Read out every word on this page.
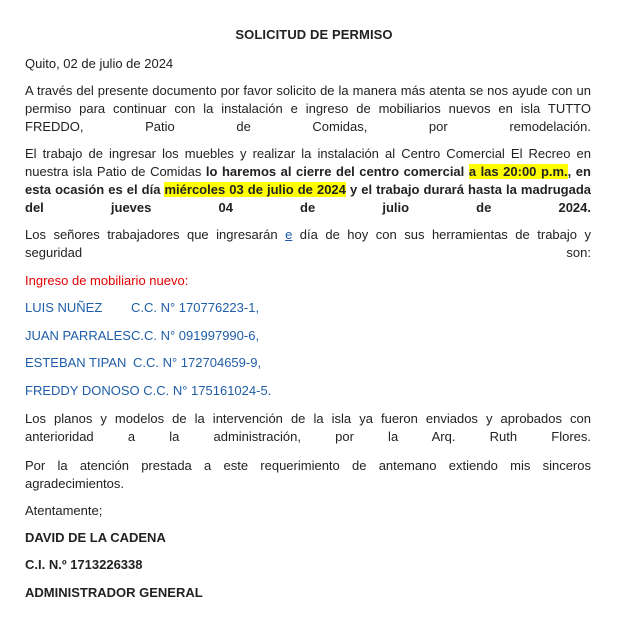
SOLICITUD DE PERMISO

Quito, 02 de julio de 2024

A través del presente documento por favor solicito de la manera más atenta se nos ayude con un permiso para continuar con la instalación e ingreso de mobiliarios nuevos en isla TUTTO FREDDO, Patio de Comidas, por remodelación.

El trabajo de ingresar los muebles y realizar la instalación al Centro Comercial El Recreo en nuestra isla Patio de Comidas lo haremos al cierre del centro comercial a las 20:00 p.m., en esta ocasión es el día miércoles 03 de julio de 2024 y el trabajo durará hasta la madrugada del jueves 04 de julio de 2024.

Los señores trabajadores que ingresarán e día de hoy con sus herramientas de trabajo y seguridad son:

Ingreso de mobiliario nuevo:

LUIS NUÑEZ C.C. N° 170776223-1,

JUAN PARRALESC.C. N° 091997990-6,

ESTEBAN TIPAN C.C. N° 172704659-9,

FREDDY DONOSO C.C. N° 175161024-5.

Los planos y modelos de la intervención de la isla ya fueron enviados y aprobados con anterioridad a la administración, por la Arq. Ruth Flores.

Por la atención prestada a este requerimiento de antemano extiendo mis sinceros agradecimientos.

Atentamente;

DAVID DE LA CADENA
C.I. N.º 1713226338
ADMINISTRADOR GENERAL
